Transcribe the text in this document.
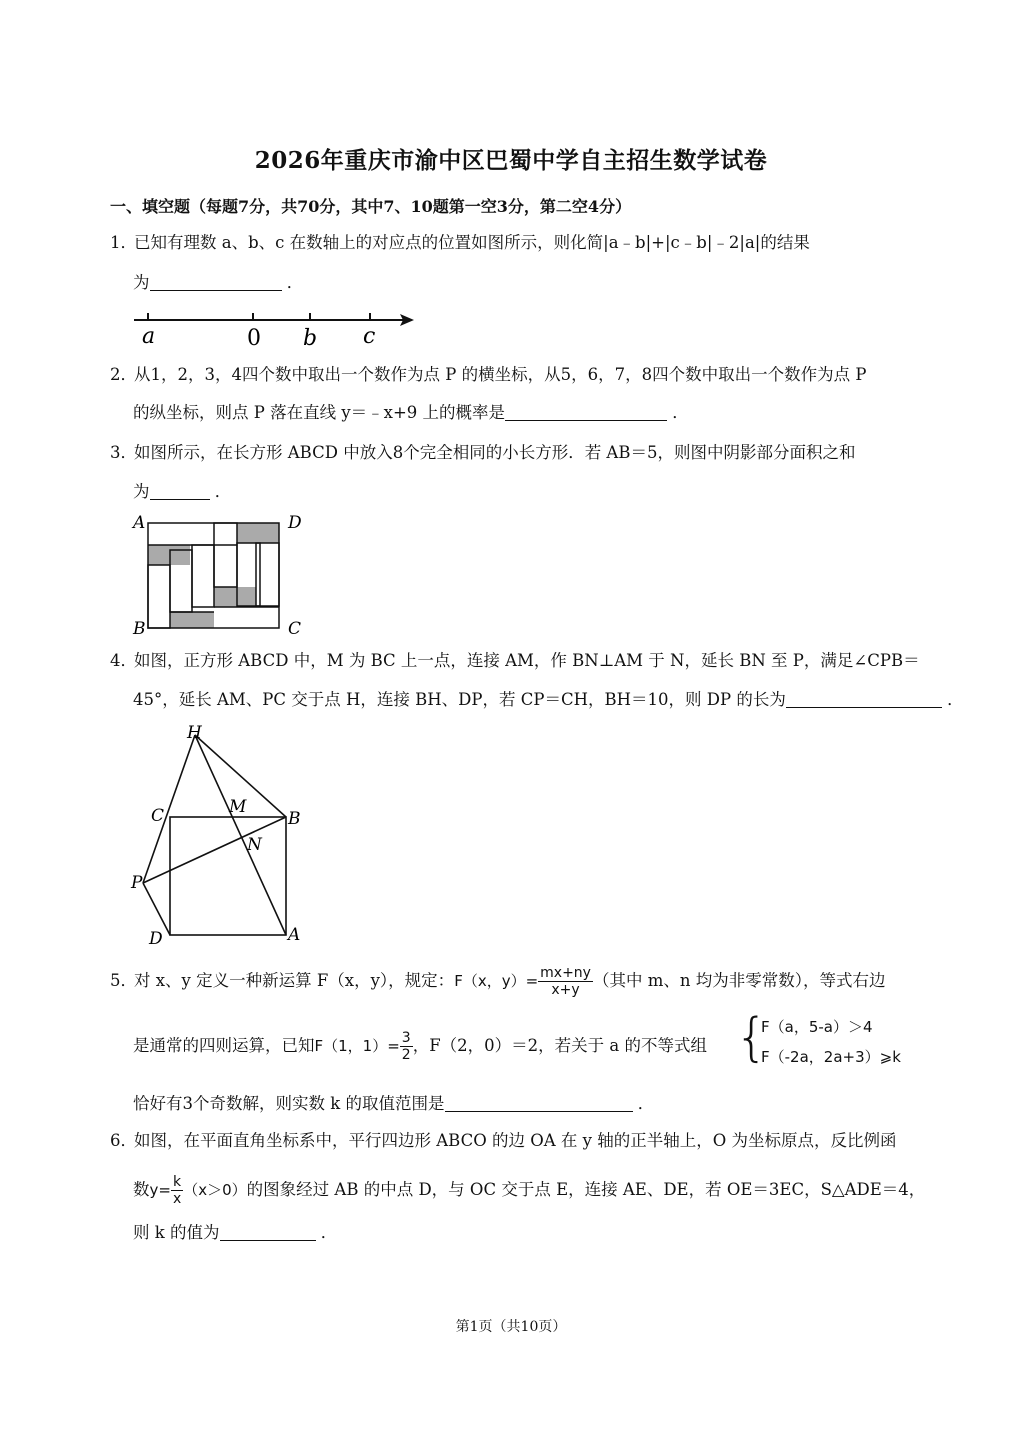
2026年重庆市渝中区巴蜀中学自主招生数学试卷
一、填空题（每题7分，共70分，其中7、10题第一空3分，第二空4分）
1．已知有理数 a、b、c 在数轴上的对应点的位置如图所示，则化简|a﹣b|+|c﹣b|﹣2|a|的结果
为	．
a	0 b c
2．从1，2，3，4四个数中取出一个数作为点 P 的横坐标，从5，6，7，8四个数中取出一个数作为点 P
的纵坐标，则点 P 落在直线 y＝﹣x+9 上的概率是	．
3．如图所示，在长方形 ABCD 中放入8个完全相同的小长方形．若 AB＝5，则图中阴影部分面积之和
为	．
A	D
B	C
4．如图，正方形 ABCD 中，M 为 BC 上一点，连接 AM，作 BN⊥AM 于 N，延长 BN 至 P，满足∠CPB＝
45°，延长 AM、PC 交于点 H，连接 BH、DP，若 CP＝CH，BH＝10，则 DP 的长为	．
H
C	M
B
N
P
D	A
5．对 x、y 定义一种新运算 F（x，y），规定：F（x，$y)= \frac{mx+ny}{x+y}$ （其中 m、n 均为非零常数），等式右边
是通常的四则运算，已知F（1，$1)= \frac{3}{2}$ ，F（2，0）＝2，若关于 a 的不等式组 {
F（a，5-a）＞4
F（-2a，2a+3）⩾k
恰好有3个奇数解，则实数 k 的取值范围是	．
6．如图，在平面直角坐标系中，平行四边形 ABCO 的边 OA 在 y 轴的正半轴上，O 为坐标原点，反比例函
数$y= \frac{k}{x} (x>0)$的图象经过 AB 的中点 D，与 OC 交于点 E，连接 AE、DE，若 OE＝3EC，S△ADE＝4，
则 k 的值为	．
第1页（共10页）
